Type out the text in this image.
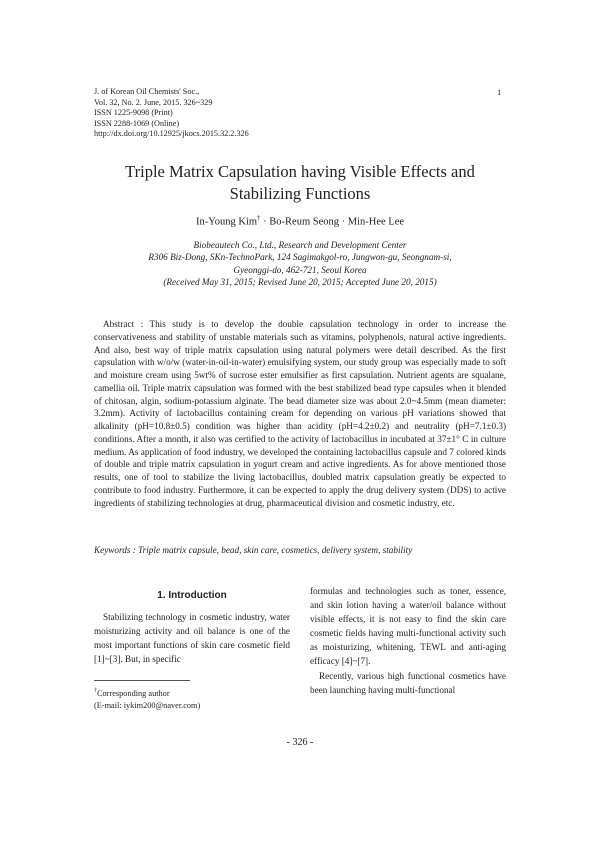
J. of Korean Oil Chemists' Soc.,
Vol. 32, No. 2. June, 2015. 326~329
ISSN 1225-9098 (Print)
ISSN 2288-1069 (Online)
http://dx.doi.org/10.12925/jkocs.2015.32.2.326
1
Triple Matrix Capsulation having Visible Effects and
Stabilizing Functions
In-Young Kim† · Bo-Reum Seong · Min-Hee Lee
Biobeautech Co., Ltd., Research and Development Center
R306 Biz-Dong, SKn-TechnoPark, 124 Sagimakgol-ro, Jungwon-gu, Seongnam-si,
Gyeonggi-do, 462-721, Seoul Korea
(Received May 31, 2015; Revised June 20, 2015; Accepted June 20, 2015)
Abstract : This study is to develop the double capsulation technology in order to increase the conservativeness and stability of unstable materials such as vitamins, polyphenols, natural active ingredients. And also, best way of triple matrix capsulation using natural polymers were detail described. As the first capsulation with w/o/w (water-in-oil-in-water) emulsifying system, our study group was especially made to soft and moisture cream using 5wt% of sucrose ester emulsifier as first capsulation. Nutrient agents are squalane, camellia oil. Triple matrix capsulation was formed with the best stabilized bead type capsules when it blended of chitosan, algin, sodium-potassium alginate. The bead diameter size was about 2.0~4.5mm (mean diameter: 3.2mm). Activity of lactobacillus containing cream for depending on various pH variations showed that alkalinity (pH=10.8±0.5) condition was higher than acidity (pH=4.2±0.2) and neutrality (pH=7.1±0.3) conditions. After a month, it also was certified to the activity of lactobacillus in incubated at 37±1° C in culture medium. As application of food industry, we developed the containing lactobacillus capsule and 7 colored kinds of double and triple matrix capsulation in yogurt cream and active ingredients. As for above mentioned those results, one of tool to stabilize the living lactobacillus, doubled matrix capsulation greatly be expected to contribute to food industry. Furthermore, it can be expected to apply the drug delivery system (DDS) to active ingredients of stabilizing technologies at drug, pharmaceutical division and cosmetic industry, etc.
Keywords : Triple matrix capsule, bead, skin care, cosmetics, delivery system, stability
1. Introduction

Stabilizing technology in cosmetic industry, water moisturizing activity and oil balance is one of the most important functions of skin care cosmetic field [1]~[3]. But, in specific

formulas and technologies such as toner, essence, and skin lotion having a water/oil balance without visible effects, it is not easy to find the skin care cosmetic fields having multi-functional activity such as moisturizing, whitening, TEWL and anti-aging efficacy [4]~[7].

Recently, various high functional cosmetics have been launching having multi-functional

†Corresponding author
(E-mail: iykim200@naver.com)
- 326 -
